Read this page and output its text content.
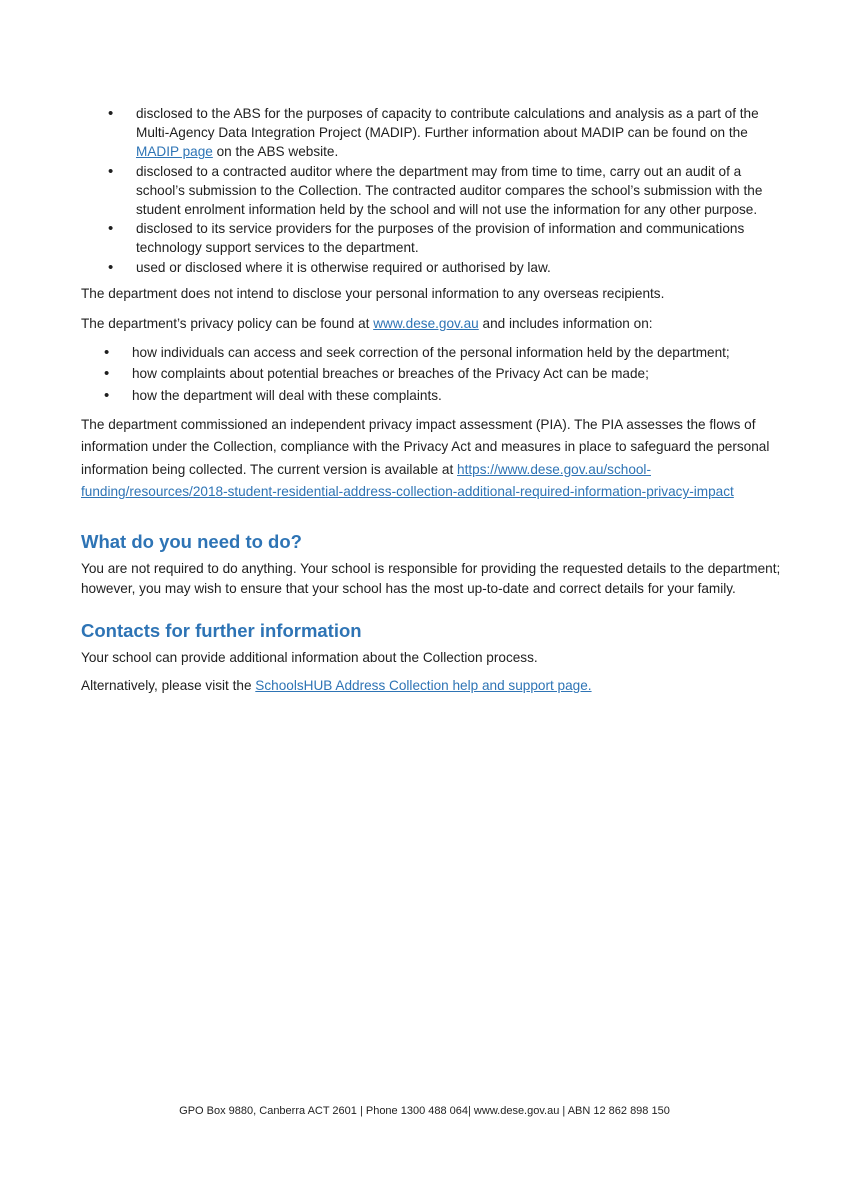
• disclosed to the ABS for the purposes of capacity to contribute calculations and analysis as a part of the Multi-Agency Data Integration Project (MADIP). Further information about MADIP can be found on the MADIP page on the ABS website.
• disclosed to a contracted auditor where the department may from time to time, carry out an audit of a school’s submission to the Collection. The contracted auditor compares the school’s submission with the student enrolment information held by the school and will not use the information for any other purpose.
• disclosed to its service providers for the purposes of the provision of information and communications technology support services to the department.
• used or disclosed where it is otherwise required or authorised by law.

The department does not intend to disclose your personal information to any overseas recipients.

The department’s privacy policy can be found at www.dese.gov.au and includes information on:

• how individuals can access and seek correction of the personal information held by the department;
• how complaints about potential breaches or breaches of the Privacy Act can be made;
• how the department will deal with these complaints.

The department commissioned an independent privacy impact assessment (PIA). The PIA assesses the flows of information under the Collection, compliance with the Privacy Act and measures in place to safeguard the personal information being collected. The current version is available at https://www.dese.gov.au/school-funding/resources/2018-student-residential-address-collection-additional-required-information-privacy-impact

What do you need to do?

You are not required to do anything. Your school is responsible for providing the requested details to the department; however, you may wish to ensure that your school has the most up-to-date and correct details for your family.

Contacts for further information

Your school can provide additional information about the Collection process.

Alternatively, please visit the SchoolsHUB Address Collection help and support page.

GPO Box 9880, Canberra ACT 2601 | Phone 1300 488 064| www.dese.gov.au | ABN 12 862 898 150
